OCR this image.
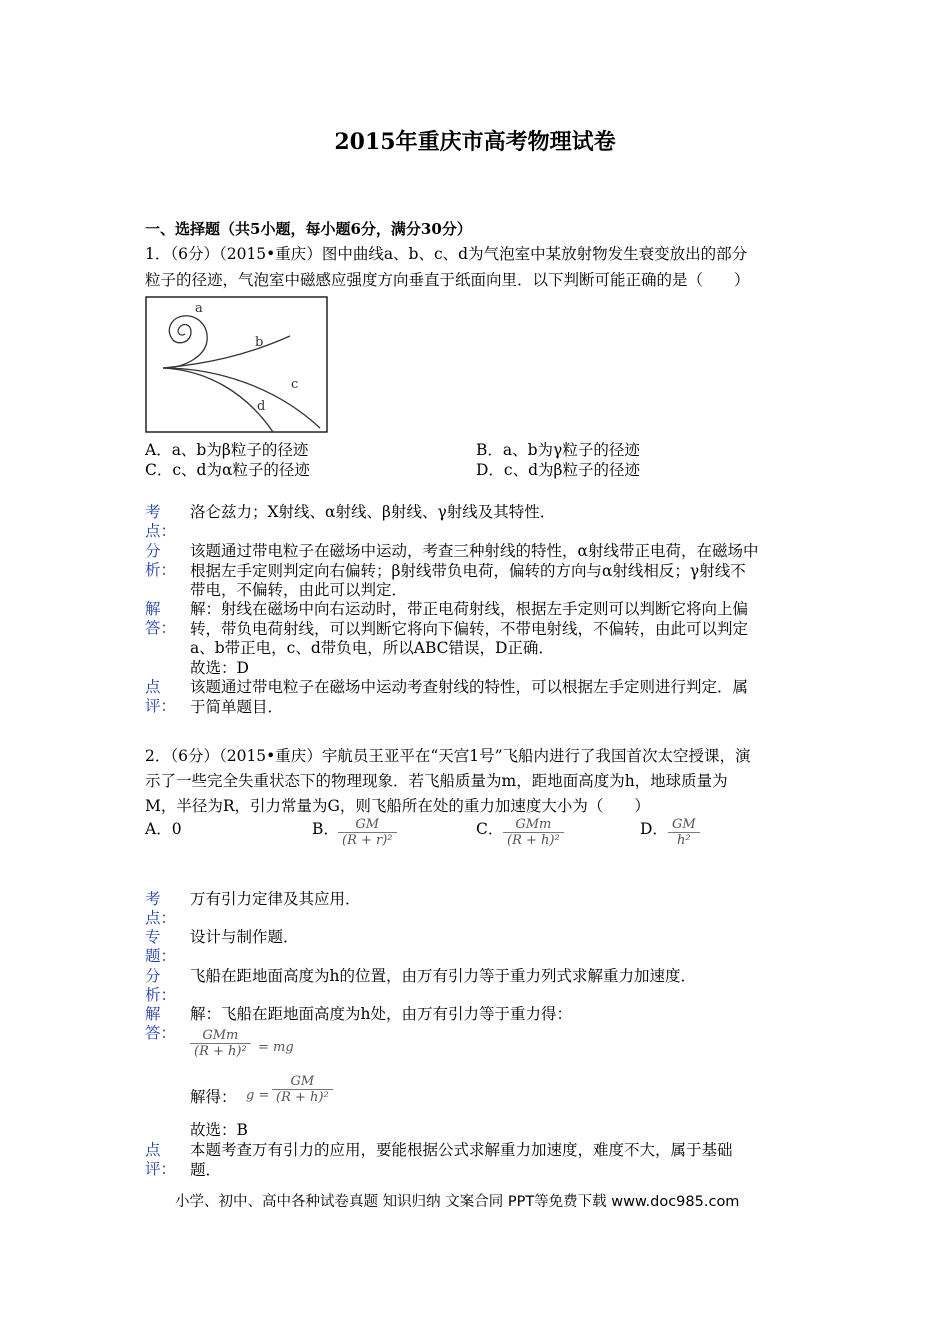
2015年重庆市高考物理试卷
一、选择题（共5小题，每小题6分，满分30分）
1．（6分）（2015•重庆）图中曲线a、b、c、d为气泡室中某放射物发生衰变放出的部分
粒子的径迹，气泡室中磁感应强度方向垂直于纸面向里．以下判断可能正确的是（　　）
a
b
c
d
A．a、b为β粒子的径迹	B．a、b为γ粒子的径迹
C．c、d为α粒子的径迹	D．c、d为β粒子的径迹
考
点：
洛仑兹力；X射线、α射线、β射线、γ射线及其特性．
分
析：
该题通过带电粒子在磁场中运动，考查三种射线的特性，α射线带正电荷，在磁场中
根据左手定则判定向右偏转；β射线带负电荷，偏转的方向与α射线相反；γ射线不
带电，不偏转，由此可以判定．
解
答：
解：射线在磁场中向右运动时，带正电荷射线，根据左手定则可以判断它将向上偏
转，带负电荷射线，可以判断它将向下偏转，不带电射线，不偏转，由此可以判定
a、b带正电，c、d带负电，所以ABC错误，D正确．
故选：D
点
评：
该题通过带电粒子在磁场中运动考查射线的特性，可以根据左手定则进行判定．属
于简单题目．
2．（6分）（2015•重庆）宇航员王亚平在“天宫1号”飞船内进行了我国首次太空授课，演
示了一些完全失重状态下的物理现象．若飞船质量为m，距地面高度为h，地球质量为
M，半径为R，引力常量为G，则飞船所在处的重力加速度大小为（　　）
A．0	B． $\frac{GM}{\text{(R + r)²}}$	C． GMm
(R + h)²
D． $\frac{GM}{\text{h²}}$
考
点：
万有引力定律及其应用．
专
题：
设计与制作题．
分
析：
飞船在距地面高度为h的位置，由万有引力等于重力列式求解重力加速度．
解
答：
解：飞船在距地面高度为h处，由万有引力等于重力得：
GMm
(R + h)² = mg
解得： $g = \frac{GM}{\text{(R + h)²}}$
故选：B
点
评：
本题考查万有引力的应用，要能根据公式求解重力加速度，难度不大，属于基础
题．
小学、初中、高中各种试卷真题 知识归纳 文案合同 PPT等免费下载 www.doc985.com
